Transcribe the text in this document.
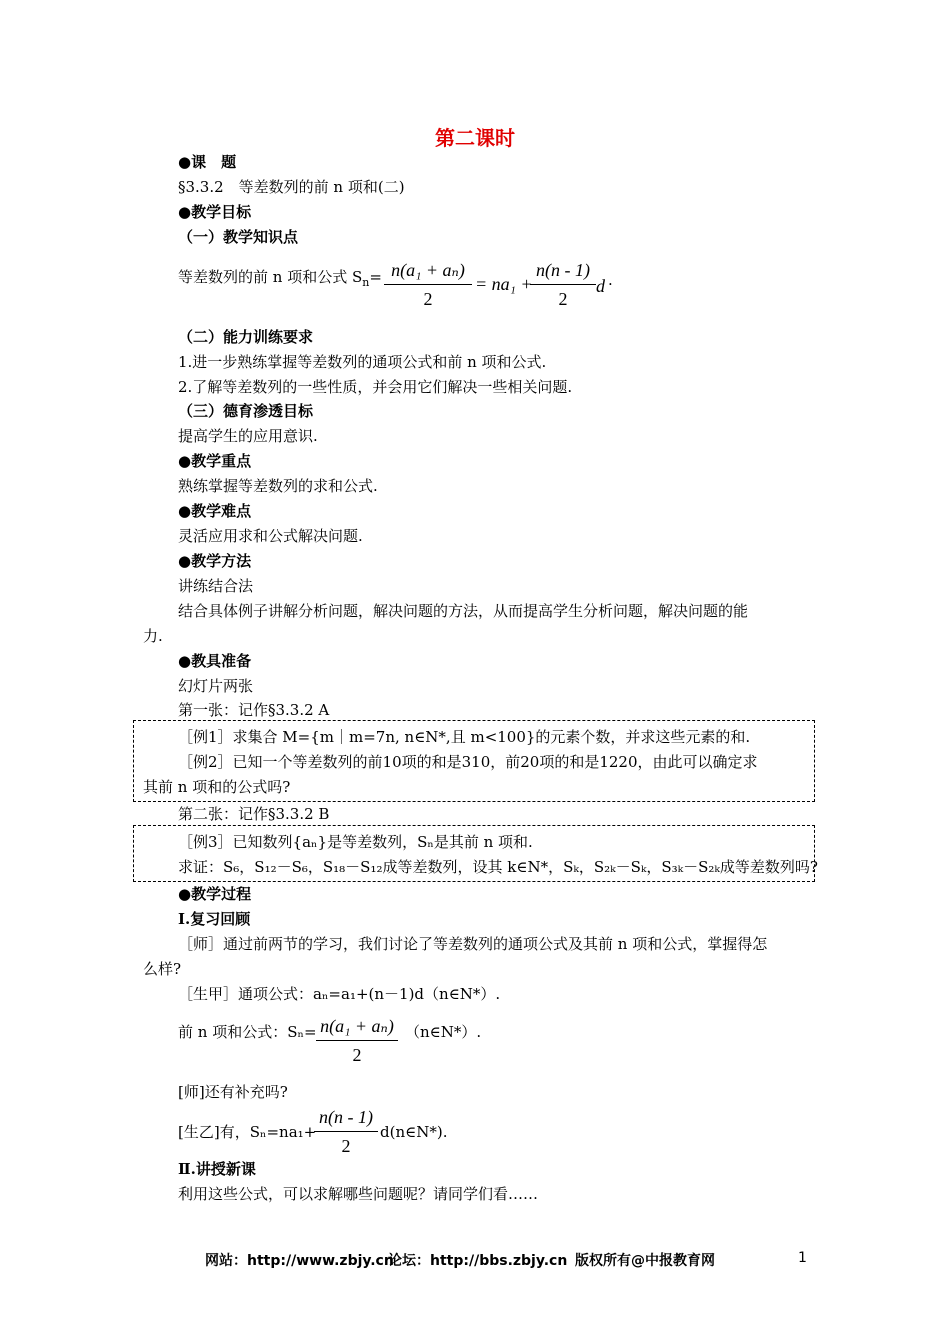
第二课时
●课　题
§3.3.2　等差数列的前 n 项和(二)
●教学目标
（一）教学知识点
等差数列的前 n 项和公式 $S_n= n(a_1 + a_n)$
2
= na₁ +
n(n - 1)
2
d .
（二）能力训练要求
1.进一步熟练掌握等差数列的通项公式和前 n 项和公式.
2.了解等差数列的一些性质，并会用它们解决一些相关问题.
（三）德育渗透目标
提高学生的应用意识.
●教学重点
熟练掌握等差数列的求和公式.
●教学难点
灵活应用求和公式解决问题.
●教学方法
讲练结合法
结合具体例子讲解分析问题，解决问题的方法，从而提高学生分析问题，解决问题的能
力.
●教具准备
幻灯片两张
第一张：记作§3.3.2 A
［例1］求集合 M={m｜m=7n, n∈N*,且 m<100}的元素个数，并求这些元素的和.
［例2］已知一个等差数列的前10项的和是310，前20项的和是1220，由此可以确定求
其前 n 项和的公式吗?
第二张：记作§3.3.2 B
［例3］已知数列{aₙ}是等差数列，Sₙ是其前 n 项和.
求证：S₆，S₁₂－S₆，S₁₈－S₁₂成等差数列，设其 k∈N*，Sₖ，S₂ₖ－Sₖ，S₃ₖ－S₂ₖ成等差数列吗?
●教学过程
Ⅰ.复习回顾
［师］通过前两节的学习，我们讨论了等差数列的通项公式及其前 n 项和公式，掌握得怎
么样?
［生甲］通项公式：aₙ=a₁+(n－1)d（n∈N*）.
前 n 项和公式：Sₙ= n(a₁ + aₙ)
2
（n∈N*）.
[师]还有补充吗?
[生乙]有，Sₙ=na₁+
n(n - 1)
2
d(n∈N*).
Ⅱ.讲授新课
利用这些公式，可以求解哪些问题呢？请同学们看……
网站：http://www.zbjy.cn
论坛：http://bbs.zbjy.cn 版权所有@中报教育网	1
